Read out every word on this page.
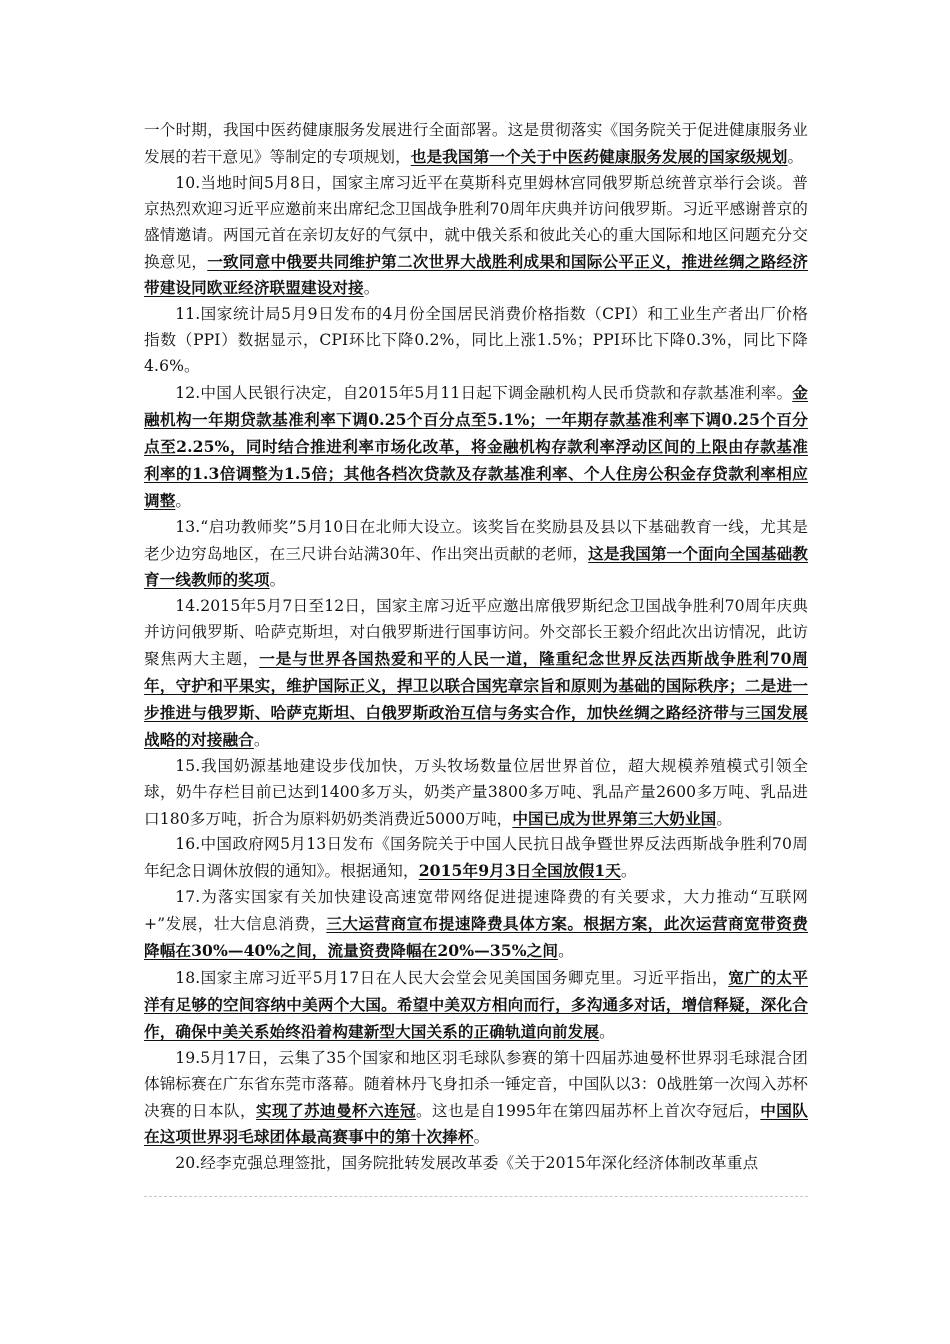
一个时期，我国中医药健康服务发展进行全面部署。这是贯彻落实《国务院关于促进健康服务业发展的若干意见》等制定的专项规划，也是我国第一个关于中医药健康服务发展的国家级规划。

10.当地时间5月8日，国家主席习近平在莫斯科克里姆林宫同俄罗斯总统普京举行会谈。普京热烈欢迎习近平应邀前来出席纪念卫国战争胜利70周年庆典并访问俄罗斯。习近平感谢普京的盛情邀请。两国元首在亲切友好的气氛中，就中俄关系和彼此关心的重大国际和地区问题充分交换意见，一致同意中俄要共同维护第二次世界大战胜利成果和国际公平正义，推进丝绸之路经济带建设同欧亚经济联盟建设对接。

11.国家统计局5月9日发布的4月份全国居民消费价格指数（CPI）和工业生产者出厂价格指数（PPI）数据显示，CPI环比下降0.2%，同比上涨1.5%；PPI环比下降0.3%，同比下降4.6%。

12.中国人民银行决定，自2015年5月11日起下调金融机构人民币贷款和存款基准利率。金融机构一年期贷款基准利率下调0.25个百分点至5.1%；一年期存款基准利率下调0.25个百分点至2.25%，同时结合推进利率市场化改革，将金融机构存款利率浮动区间的上限由存款基准利率的1.3倍调整为1.5倍；其他各档次贷款及存款基准利率、个人住房公积金存贷款利率相应调整。

13.“启功教师奖”5月10日在北师大设立。该奖旨在奖励县及县以下基础教育一线，尤其是老少边穷岛地区，在三尺讲台站满30年、作出突出贡献的老师，这是我国第一个面向全国基础教育一线教师的奖项。

14.2015年5月7日至12日，国家主席习近平应邀出席俄罗斯纪念卫国战争胜利70周年庆典并访问俄罗斯、哈萨克斯坦，对白俄罗斯进行国事访问。外交部长王毅介绍此次出访情况，此访聚焦两大主题，一是与世界各国热爱和平的人民一道，隆重纪念世界反法西斯战争胜利70周年，守护和平果实，维护国际正义，捍卫以联合国宪章宗旨和原则为基础的国际秩序；二是进一步推进与俄罗斯、哈萨克斯坦、白俄罗斯政治互信与务实合作，加快丝绸之路经济带与三国发展战略的对接融合。

15.我国奶源基地建设步伐加快，万头牧场数量位居世界首位，超大规模养殖模式引领全球，奶牛存栏目前已达到1400多万头，奶类产量3800多万吨、乳品产量2600多万吨、乳品进口180多万吨，折合为原料奶奶类消费近5000万吨，中国已成为世界第三大奶业国。

16.中国政府网5月13日发布《国务院关于中国人民抗日战争暨世界反法西斯战争胜利70周年纪念日调休放假的通知》。根据通知，2015年9月3日全国放假1天。

17.为落实国家有关加快建设高速宽带网络促进提速降费的有关要求，大力推动“互联网+”发展，壮大信息消费，三大运营商宣布提速降费具体方案。根据方案，此次运营商宽带资费降幅在30%—40%之间，流量资费降幅在20%—35%之间。

18.国家主席习近平5月17日在人民大会堂会见美国国务卿克里。习近平指出，宽广的太平洋有足够的空间容纳中美两个大国。希望中美双方相向而行，多沟通多对话，增信释疑，深化合作，确保中美关系始终沿着构建新型大国关系的正确轨道向前发展。

19.5月17日，云集了35个国家和地区羽毛球队参赛的第十四届苏迪曼杯世界羽毛球混合团体锦标赛在广东省东莞市落幕。随着林丹飞身扣杀一锤定音，中国队以3：0战胜第一次闯入苏杯决赛的日本队，实现了苏迪曼杯六连冠。这也是自1995年在第四届苏杯上首次夺冠后，中国队在这项世界羽毛球团体最高赛事中的第十次捧杯。

20.经李克强总理签批，国务院批转发展改革委《关于2015年深化经济体制改革重点
